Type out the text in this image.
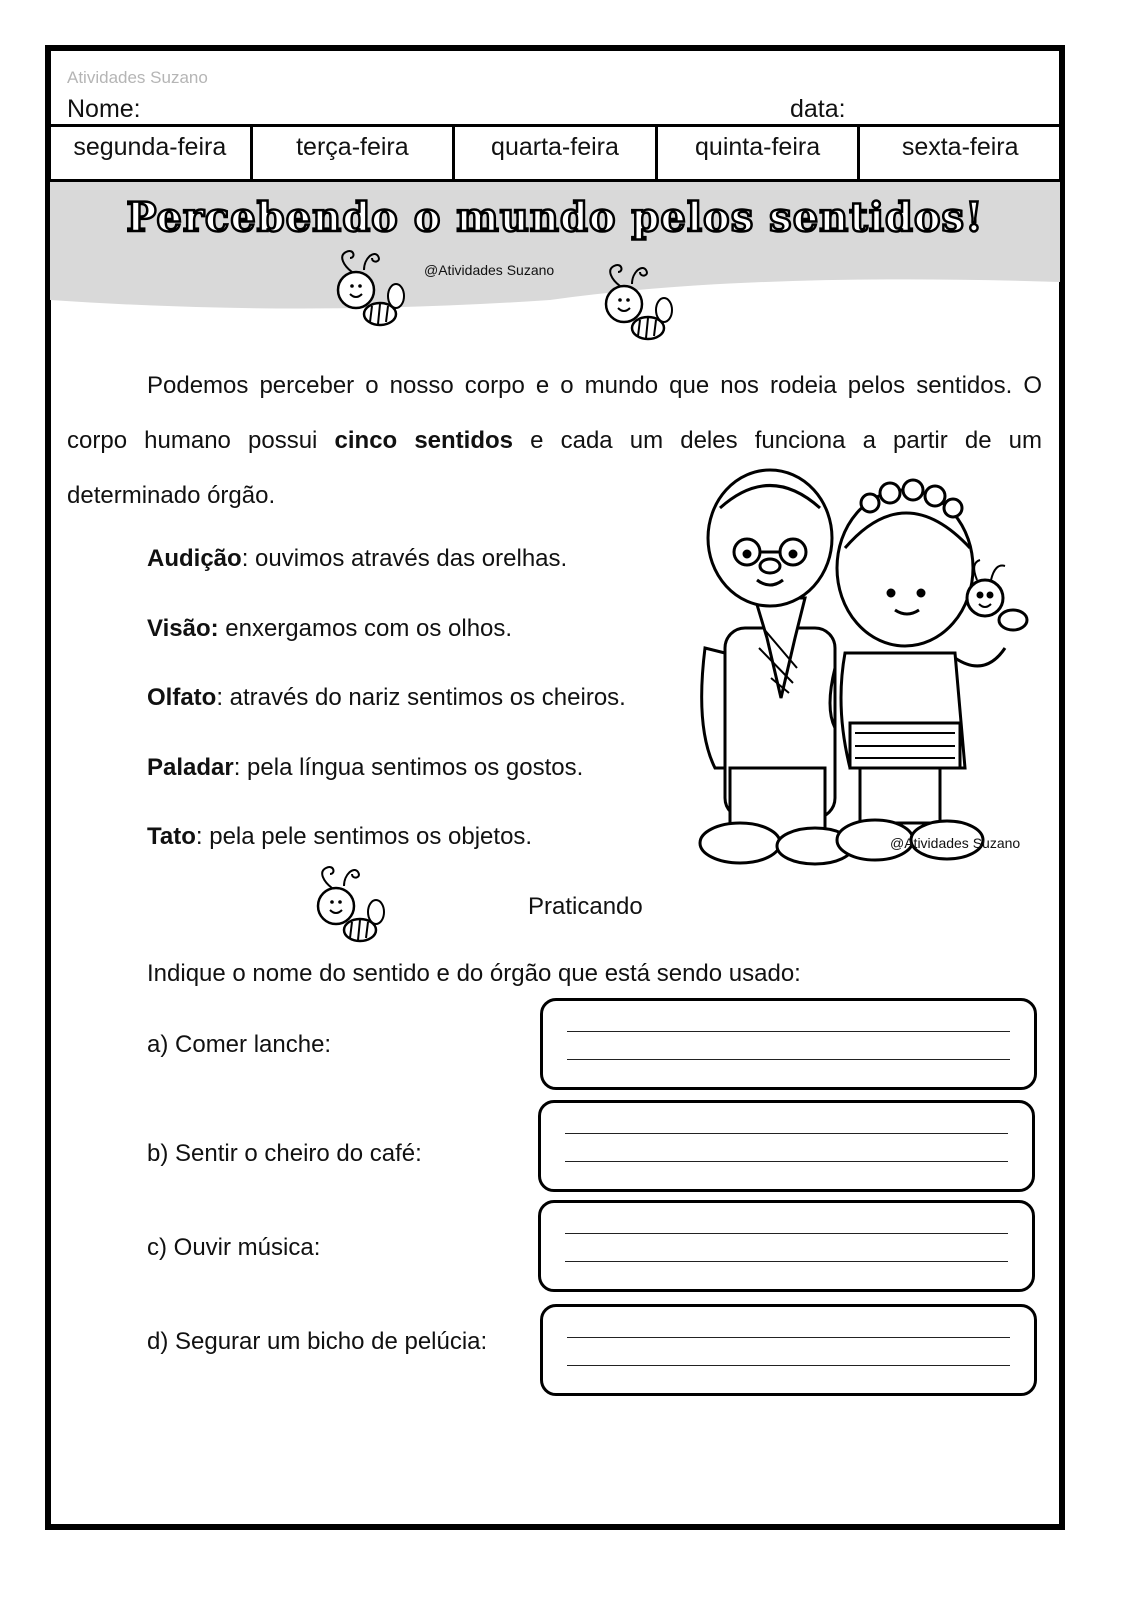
Atividades Suzano
Nome:	data:
segunda-feira	terça-feira	quarta-feira	quinta-feira	sexta-feira
Percebendo o mundo pelos sentidos!
@Atividades Suzano
Podemos perceber o nosso corpo e o mundo que nos rodeia pelos sentidos. O corpo humano possui cinco sentidos e cada um deles funciona a partir de um determinado órgão.
Audição: ouvimos através das orelhas.
Visão: enxergamos com os olhos.
Olfato: através do nariz sentimos os cheiros.
Paladar: pela língua sentimos os gostos.
Tato: pela pele sentimos os objetos.	@Atividades Suzano
Praticando
Indique o nome do sentido e do órgão que está sendo usado:
a) Comer lanche:
b) Sentir o cheiro do café:
c) Ouvir música:
d) Segurar um bicho de pelúcia:
